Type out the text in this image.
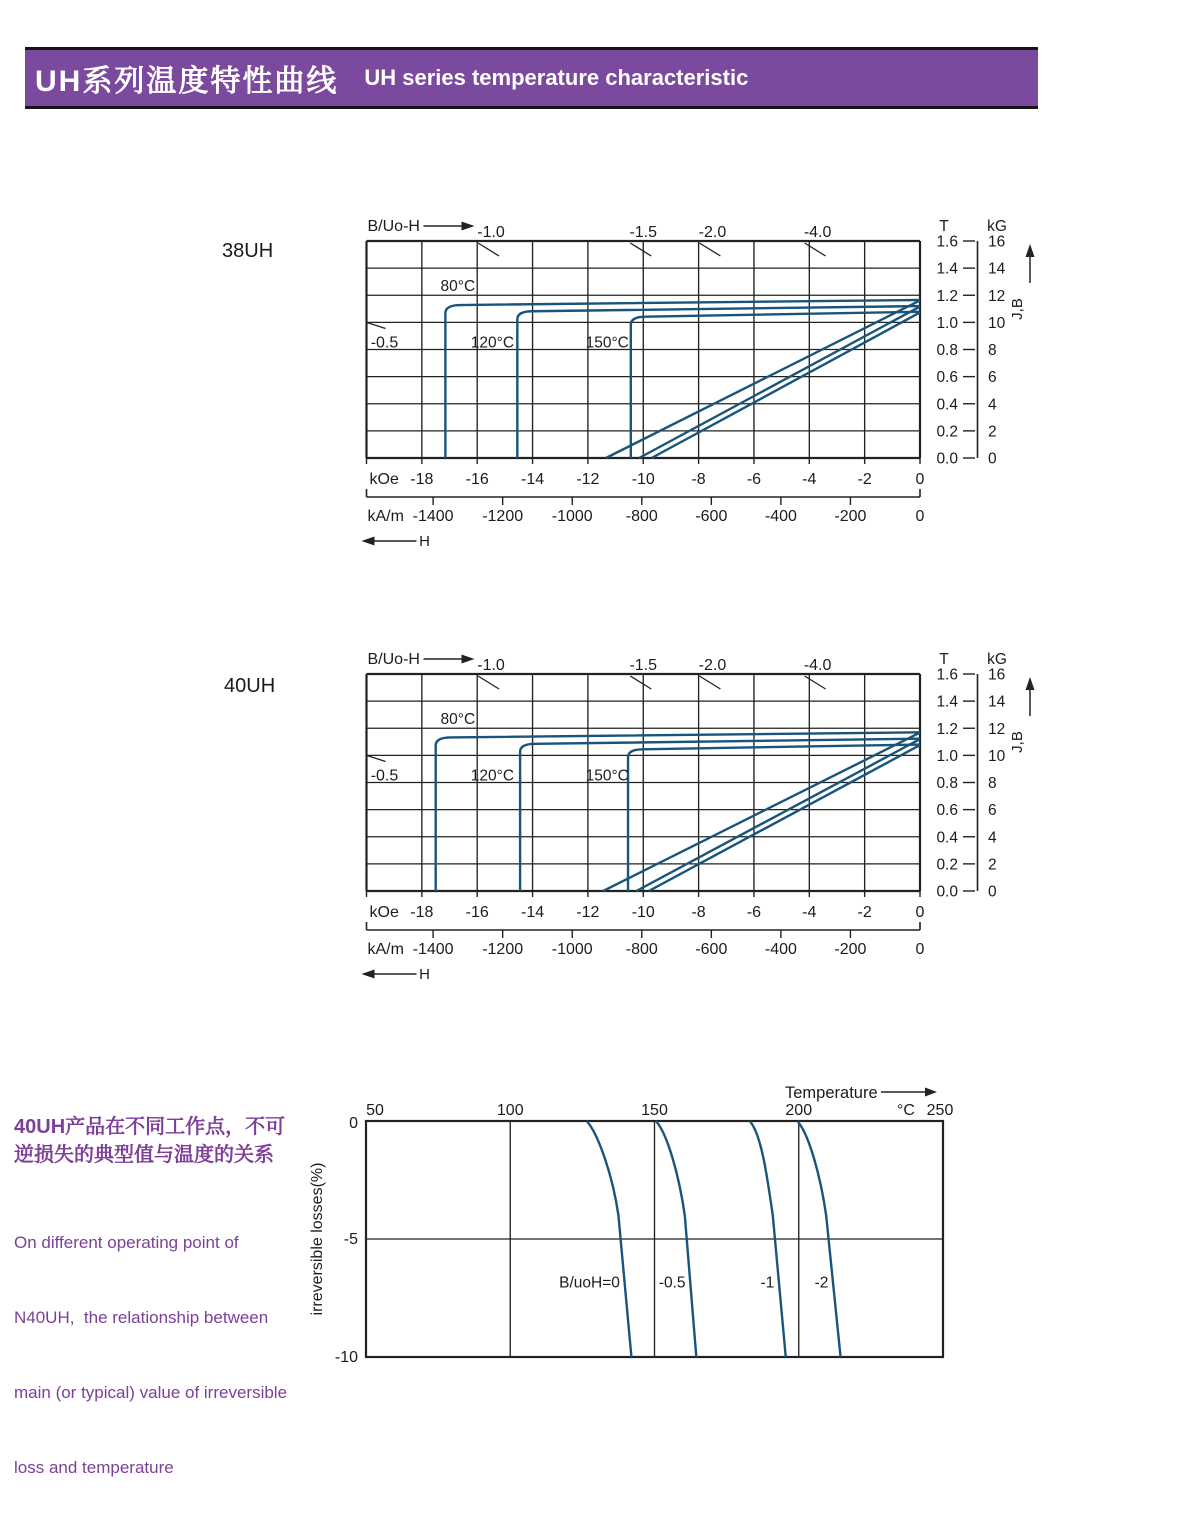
UH系列温度特性曲线 UH series temperature characteristic
38UH
40UH
40UH产品在不同工作点，不可
逆损失的典型值与温度的关系

On different operating point of

N40UH,  the relationship between

main (or typical) value of irreversible

loss and temperature

B/Uo-H	-1.0	-1.5	-2.0	-4.0
-0.5
80°C
120°C	150°C
T kG
1.6
1.4
1.2
1.0
0.8
0.6
0.4
0.2
0.0
16
14
12
10
8
6
4
2
0
J,B
kOe -18 -16 -14 -12 -10 -8	-6	-4	-2	0
kA/m -1400 -1200 -1000 -800 -600 -400 -200	0
H
B/Uo-H	-1.0	-1.5	-2.0	-4.0
-0.5
80°C
120°C	150°C
T kG
1.6
1.4
1.2
1.0
0.8
0.6
0.4
0.2
0.0
16
14
12
10
8
6
4
2
0
J,B
kOe -18 -16 -14 -12 -10 -8	-6	-4	-2	0
kA/m -1400 -1200 -1000 -800 -600 -400 -200	0
H
50	100	150	200	250
°C
Temperature
0
-5
-10
irreversible losses(%)	B/uoH=0	-0.5	-1	-2
